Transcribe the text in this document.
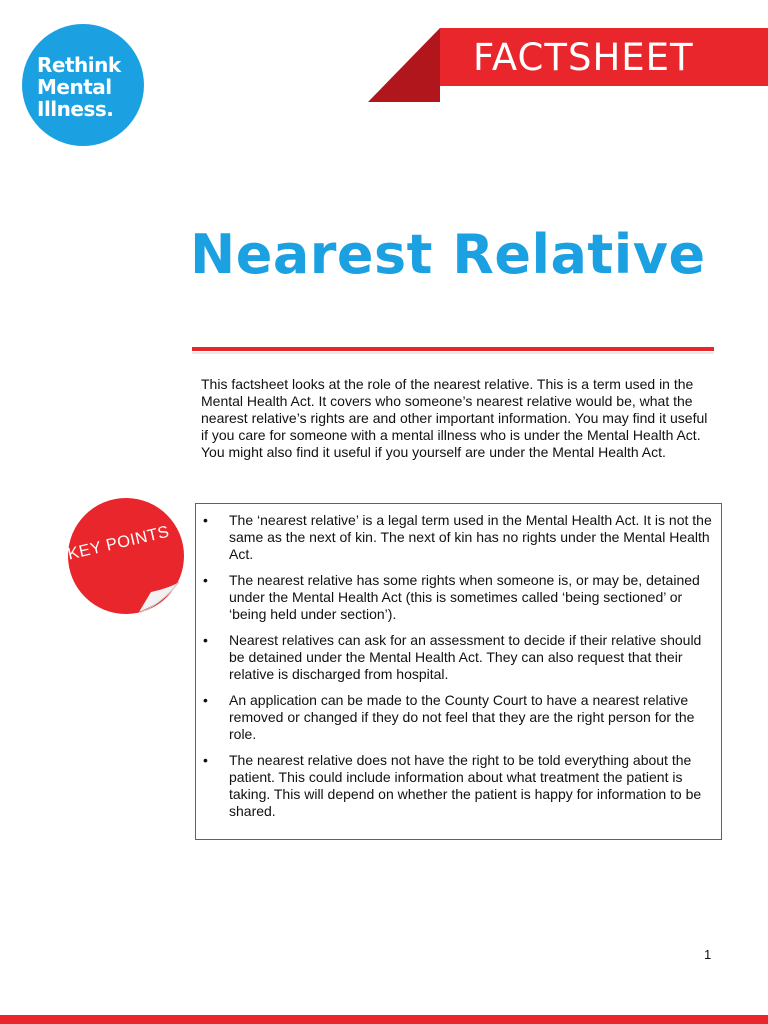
Rethink
Mental
Illness.
FACTSHEET
Nearest Relative

This factsheet looks at the role of the nearest relative. This is a term used in the Mental Health Act. It covers who someone’s nearest relative would be, what the nearest relative’s rights are and other important information. You may find it useful if you care for someone with a mental illness who is under the Mental Health Act. You might also find it useful if you yourself are under the Mental Health Act.

KEY POINTS
• The ‘nearest relative’ is a legal term used in the Mental Health Act. It is not the same as the next of kin. The next of kin has no rights under the Mental Health Act.
• The nearest relative has some rights when someone is, or may be, detained under the Mental Health Act (this is sometimes called ‘being sectioned’ or ‘being held under section’).
• Nearest relatives can ask for an assessment to decide if their relative should be detained under the Mental Health Act. They can also request that their relative is discharged from hospital.
• An application can be made to the County Court to have a nearest relative removed or changed if they do not feel that they are the right person for the role.
• The nearest relative does not have the right to be told everything about the patient. This could include information about what treatment the patient is taking. This will depend on whether the patient is happy for information to be shared.
1
